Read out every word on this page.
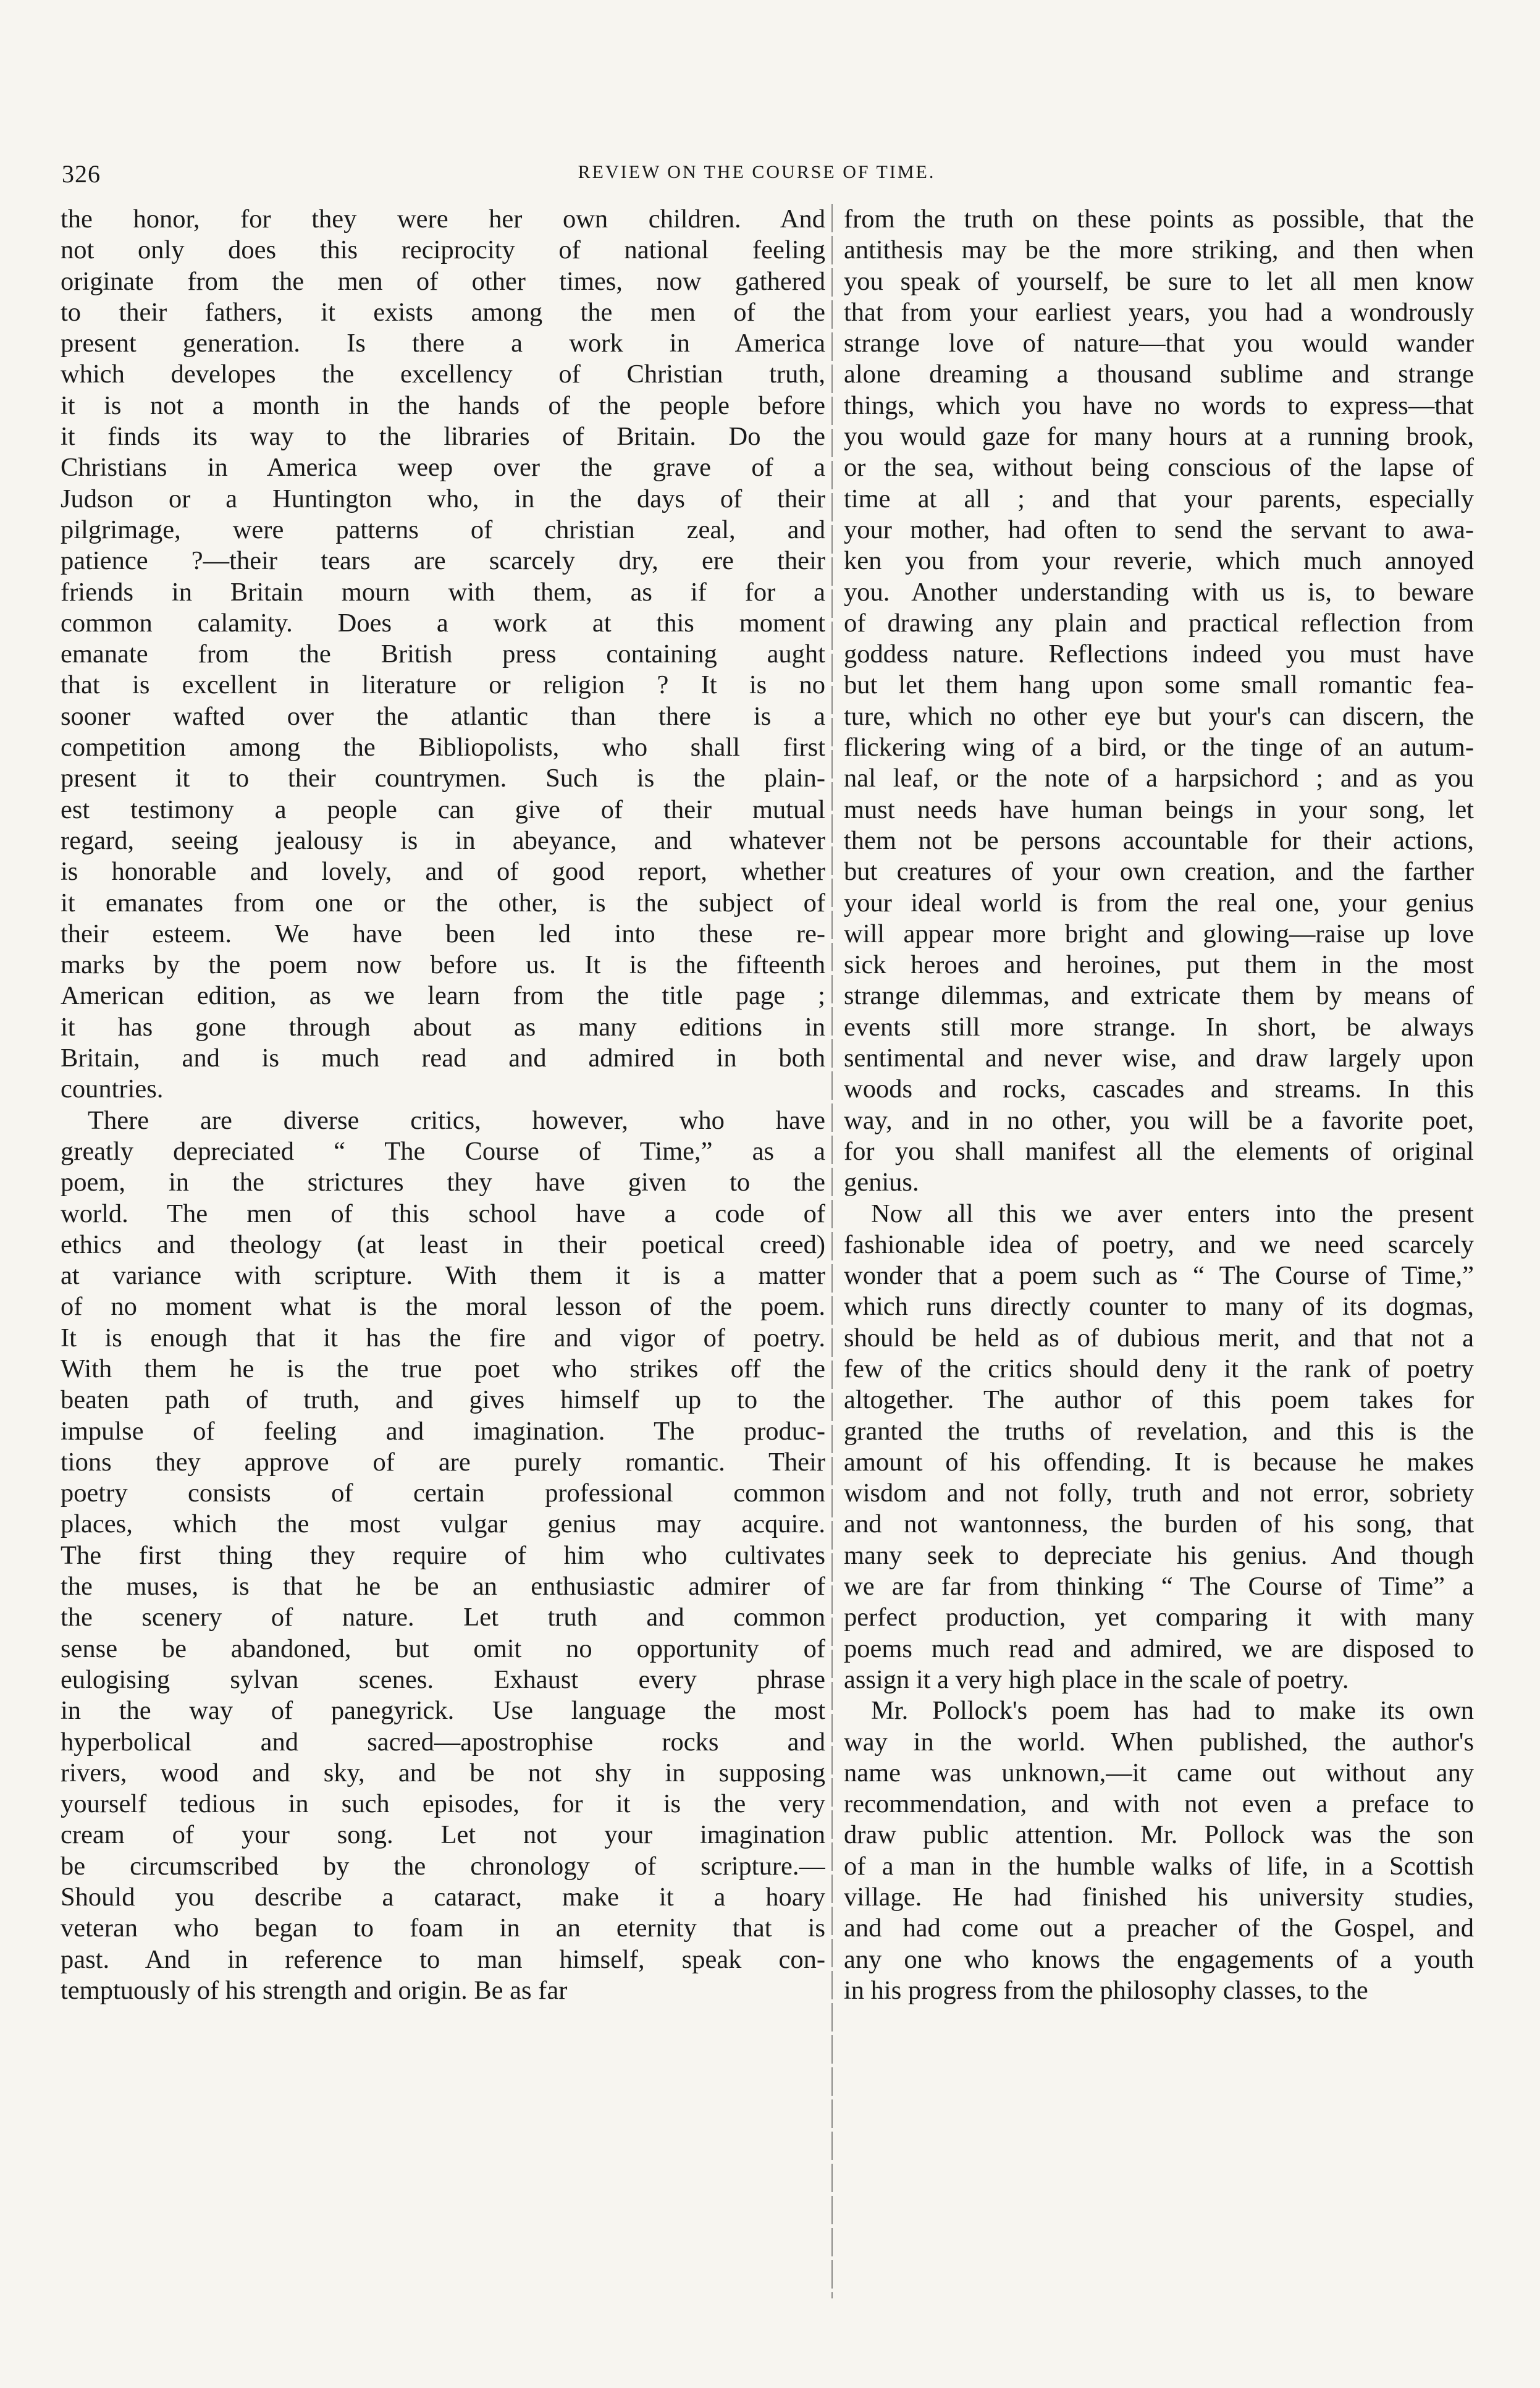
326	REVIEW ON THE COURSE OF TIME.

the honor, for they were her own children. And
not only does this reciprocity of national feeling
originate from the men of other times, now gathered
to their fathers, it exists among the men of the
present generation. Is there a work in America
which developes the excellency of Christian truth,
it is not a month in the hands of the people before
it finds its way to the libraries of Britain. Do the
Christians in America weep over the grave of a
Judson or a Huntington who, in the days of their
pilgrimage, were patterns of christian zeal, and
patience ?—their tears are scarcely dry, ere their
friends in Britain mourn with them, as if for a
common calamity. Does a work at this moment
emanate from the British press containing aught
that is excellent in literature or religion ? It is no
sooner wafted over the atlantic than there is a
competition among the Bibliopolists, who shall first
present it to their countrymen. Such is the plain-
est testimony a people can give of their mutual
regard, seeing jealousy is in abeyance, and whatever
is honorable and lovely, and of good report, whether
it emanates from one or the other, is the subject of
their esteem. We have been led into these re-
marks by the poem now before us. It is the fifteenth
American edition, as we learn from the title page ;
it has gone through about as many editions in
Britain, and is much read and admired in both
countries.

There are diverse critics, however, who have
greatly depreciated “ The Course of Time,” as a
poem, in the strictures they have given to the
world. The men of this school have a code of
ethics and theology (at least in their poetical creed)
at variance with scripture. With them it is a matter
of no moment what is the moral lesson of the poem.
It is enough that it has the fire and vigor of poetry.
With them he is the true poet who strikes off the
beaten path of truth, and gives himself up to the
impulse of feeling and imagination. The produc-
tions they approve of are purely romantic. Their
poetry consists of certain professional common
places, which the most vulgar genius may acquire.
The first thing they require of him who cultivates
the muses, is that he be an enthusiastic admirer of
the scenery of nature. Let truth and common
sense be abandoned, but omit no opportunity of
eulogising sylvan scenes. Exhaust every phrase
in the way of panegyrick. Use language the most
hyperbolical and sacred—apostrophise rocks and
rivers, wood and sky, and be not shy in supposing
yourself tedious in such episodes, for it is the very
cream of your song. Let not your imagination
be circumscribed by the chronology of scripture.—
Should you describe a cataract, make it a hoary
veteran who began to foam in an eternity that is
past. And in reference to man himself, speak con-
temptuously of his strength and origin. Be as far

from the truth on these points as possible, that the
antithesis may be the more striking, and then when
you speak of yourself, be sure to let all men know
that from your earliest years, you had a wondrously
strange love of nature—that you would wander
alone dreaming a thousand sublime and strange
things, which you have no words to express—that
you would gaze for many hours at a running brook,
or the sea, without being conscious of the lapse of
time at all ; and that your parents, especially
your mother, had often to send the servant to awa-
ken you from your reverie, which much annoyed
you. Another understanding with us is, to beware
of drawing any plain and practical reflection from
goddess nature. Reflections indeed you must have
but let them hang upon some small romantic fea-
ture, which no other eye but your's can discern, the
flickering wing of a bird, or the tinge of an autum-
nal leaf, or the note of a harpsichord ; and as you
must needs have human beings in your song, let
them not be persons accountable for their actions,
but creatures of your own creation, and the farther
your ideal world is from the real one, your genius
will appear more bright and glowing—raise up love
sick heroes and heroines, put them in the most
strange dilemmas, and extricate them by means of
events still more strange. In short, be always
sentimental and never wise, and draw largely upon
woods and rocks, cascades and streams. In this
way, and in no other, you will be a favorite poet,
for you shall manifest all the elements of original
genius.

Now all this we aver enters into the present
fashionable idea of poetry, and we need scarcely
wonder that a poem such as “ The Course of Time,”
which runs directly counter to many of its dogmas,
should be held as of dubious merit, and that not a
few of the critics should deny it the rank of poetry
altogether. The author of this poem takes for
granted the truths of revelation, and this is the
amount of his offending. It is because he makes
wisdom and not folly, truth and not error, sobriety
and not wantonness, the burden of his song, that
many seek to depreciate his genius. And though
we are far from thinking “ The Course of Time” a
perfect production, yet comparing it with many
poems much read and admired, we are disposed to
assign it a very high place in the scale of poetry.

Mr. Pollock's poem has had to make its own
way in the world. When published, the author's
name was unknown,—it came out without any
recommendation, and with not even a preface to
draw public attention. Mr. Pollock was the son
of a man in the humble walks of life, in a Scottish
village. He had finished his university studies,
and had come out a preacher of the Gospel, and
any one who knows the engagements of a youth
in his progress from the philosophy classes, to the
